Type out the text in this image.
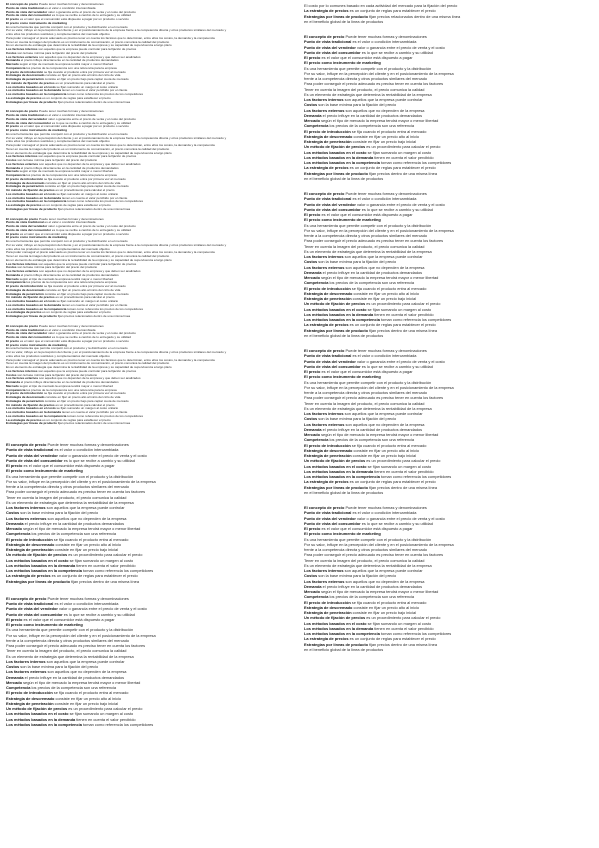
El concepto de precio Puede tener muchas formas y denominaciones
Punto de vista tradicional es el valor o condición intercambiada
Punto de vista del vendedor valor o ganancia entre el precio de venta y el costo del producto
Punto de vista del consumidor es lo que se recibe a cambio de lo entregado y su utilidad
El precio es el valor que el consumidor está dispuesto a pagar por un producto o servicio
El precio como instrumento de marketing
Es una herramienta que permite competir con el producto y la distribución en el mercado
Por su valor, influye en la percepción del cliente y en el posicionamiento de la empresa frente a la competencia directa y otros productos similares del mercado y
entre ellos los productos sustitutos y complementarios del mercado objetivo
Para poder conseguir el precio adecuado es preciso tener en cuenta los factores que lo determinan, entre ellos los costos, la demanda y la competencia
Tener en cuenta la imagen del producto es un instrumento de comunicación, el precio comunica la calidad del producto
Es un elemento de estrategia que determina la rentabilidad de la empresa y su capacidad de supervivencia a largo plazo
Los factores internos son aquellos que la empresa puede controlar para la fijación de precios
Costos son la base mínima para la fijación del precio del producto
Los factores externos son aquellos que no dependen de la empresa y que deben ser analizados
Demanda el precio influye directamente en la cantidad de productos demandados
Mercado según el tipo de mercado la empresa tendrá mayor o menor libertad
Competencia los precios de la competencia son una referencia para la empresa
El precio de introducción se fija cuando el producto entra por primera vez al mercado
Estrategia de descremado consiste en fijar un precio alto al inicio del ciclo de vida
Estrategia de penetración consiste en fijar un precio bajo para captar cuota de mercado
Un método de fijación de precios es un procedimiento para calcular el precio
Los métodos basados en el costo se fijan sumando un margen al costo unitario
Los métodos basados en la demanda tienen en cuenta el valor percibido por el cliente
Los métodos basados en la competencia toman como referencia los precios de los competidores
La estrategia de precios es un conjunto de reglas para establecer el precio
Estrategias por líneas de producto fijan precios relacionados dentro de una misma línea
El concepto de precio Puede tener muchas formas y denominaciones
Punto de vista tradicional es el valor o condición intercambiada
Punto de vista del vendedor valor o ganancia entre el precio de venta y el costo del producto
Punto de vista del consumidor es lo que se recibe a cambio de lo entregado y su utilidad
El precio es el valor que el consumidor está dispuesto a pagar por un producto o servicio
El precio como instrumento de marketing
Es una herramienta que permite competir con el producto y la distribución en el mercado
Por su valor, influye en la percepción del cliente y en el posicionamiento de la empresa frente a la competencia directa y otros productos similares del mercado y
entre ellos los productos sustitutos y complementarios del mercado objetivo
Para poder conseguir el precio adecuado es preciso tener en cuenta los factores que lo determinan, entre ellos los costos, la demanda y la competencia
Tener en cuenta la imagen del producto es un instrumento de comunicación, el precio comunica la calidad del producto
Es un elemento de estrategia que determina la rentabilidad de la empresa y su capacidad de supervivencia a largo plazo
Los factores internos son aquellos que la empresa puede controlar para la fijación de precios
Costos son la base mínima para la fijación del precio del producto
Los factores externos son aquellos que no dependen de la empresa y que deben ser analizados
Demanda el precio influye directamente en la cantidad de productos demandados
Mercado según el tipo de mercado la empresa tendrá mayor o menor libertad
Competencia los precios de la competencia son una referencia para la empresa
El precio de introducción se fija cuando el producto entra por primera vez al mercado
Estrategia de descremado consiste en fijar un precio alto al inicio del ciclo de vida
Estrategia de penetración consiste en fijar un precio bajo para captar cuota de mercado
Un método de fijación de precios es un procedimiento para calcular el precio
Los métodos basados en el costo se fijan sumando un margen al costo unitario
Los métodos basados en la demanda tienen en cuenta el valor percibido por el cliente
Los métodos basados en la competencia toman como referencia los precios de los competidores
La estrategia de precios es un conjunto de reglas para establecer el precio
Estrategias por líneas de producto fijan precios relacionados dentro de una misma línea
El concepto de precio Puede tener muchas formas y denominaciones
Punto de vista tradicional es el valor o condición intercambiada
Punto de vista del vendedor valor o ganancia entre el precio de venta y el costo del producto
Punto de vista del consumidor es lo que se recibe a cambio de lo entregado y su utilidad
El precio es el valor que el consumidor está dispuesto a pagar por un producto o servicio
El precio como instrumento de marketing
Es una herramienta que permite competir con el producto y la distribución en el mercado
Por su valor, influye en la percepción del cliente y en el posicionamiento de la empresa frente a la competencia directa y otros productos similares del mercado y
entre ellos los productos sustitutos y complementarios del mercado objetivo
Para poder conseguir el precio adecuado es preciso tener en cuenta los factores que lo determinan, entre ellos los costos, la demanda y la competencia
Tener en cuenta la imagen del producto es un instrumento de comunicación, el precio comunica la calidad del producto
Es un elemento de estrategia que determina la rentabilidad de la empresa y su capacidad de supervivencia a largo plazo
Los factores internos son aquellos que la empresa puede controlar para la fijación de precios
Costos son la base mínima para la fijación del precio del producto
Los factores externos son aquellos que no dependen de la empresa y que deben ser analizados
Demanda el precio influye directamente en la cantidad de productos demandados
Mercado según el tipo de mercado la empresa tendrá mayor o menor libertad
Competencia los precios de la competencia son una referencia para la empresa
El precio de introducción se fija cuando el producto entra por primera vez al mercado
Estrategia de descremado consiste en fijar un precio alto al inicio del ciclo de vida
Estrategia de penetración consiste en fijar un precio bajo para captar cuota de mercado
Un método de fijación de precios es un procedimiento para calcular el precio
Los métodos basados en el costo se fijan sumando un margen al costo unitario
Los métodos basados en la demanda tienen en cuenta el valor percibido por el cliente
Los métodos basados en la competencia toman como referencia los precios de los competidores
La estrategia de precios es un conjunto de reglas para establecer el precio
Estrategias por líneas de producto fijan precios relacionados dentro de una misma línea
El concepto de precio Puede tener muchas formas y denominaciones
Punto de vista tradicional es el valor o condición intercambiada
Punto de vista del vendedor valor o ganancia entre el precio de venta y el costo del producto
Punto de vista del consumidor es lo que se recibe a cambio de lo entregado y su utilidad
El precio es el valor que el consumidor está dispuesto a pagar por un producto o servicio
El precio como instrumento de marketing
Es una herramienta que permite competir con el producto y la distribución en el mercado
Por su valor, influye en la percepción del cliente y en el posicionamiento de la empresa frente a la competencia directa y otros productos similares del mercado y
entre ellos los productos sustitutos y complementarios del mercado objetivo
Para poder conseguir el precio adecuado es preciso tener en cuenta los factores que lo determinan, entre ellos los costos, la demanda y la competencia
Tener en cuenta la imagen del producto es un instrumento de comunicación, el precio comunica la calidad del producto
Es un elemento de estrategia que determina la rentabilidad de la empresa y su capacidad de supervivencia a largo plazo
Los factores internos son aquellos que la empresa puede controlar para la fijación de precios
Costos son la base mínima para la fijación del precio del producto
Los factores externos son aquellos que no dependen de la empresa y que deben ser analizados
Demanda el precio influye directamente en la cantidad de productos demandados
Mercado según el tipo de mercado la empresa tendrá mayor o menor libertad
Competencia los precios de la competencia son una referencia para la empresa
El precio de introducción se fija cuando el producto entra por primera vez al mercado
Estrategia de descremado consiste en fijar un precio alto al inicio del ciclo de vida
Estrategia de penetración consiste en fijar un precio bajo para captar cuota de mercado
Un método de fijación de precios es un procedimiento para calcular el precio
Los métodos basados en el costo se fijan sumando un margen al costo unitario
Los métodos basados en la demanda tienen en cuenta el valor percibido por el cliente
Los métodos basados en la competencia toman como referencia los precios de los competidores
La estrategia de precios es un conjunto de reglas para establecer el precio
Estrategias por líneas de producto fijan precios relacionados dentro de una misma línea
El concepto de precio Puede tener muchas formas y denominaciones
Punto de vista tradicional es el valor o condición intercambiada
Punto de vista del vendedor valor o ganancia entre el precio de venta y el costo
Punto de vista del consumidor es lo que se recibe a cambio y su utilidad
El precio es el valor que el consumidor está dispuesto a pagar
El precio como instrumento de marketing
Es una herramienta que permite competir con el producto y la distribución
Por su valor, influye en la percepción del cliente y en el posicionamiento de la empresa
frente a la competencia directa y otros productos similares del mercado
Para poder conseguir el precio adecuado es preciso tener en cuenta los factores
Tener en cuenta la imagen del producto, el precio comunica la calidad
Es un elemento de estrategia que determina la rentabilidad de la empresa
Los factores internos son aquellos que la empresa puede controlar
Costos son la base mínima para la fijación del precio
Los factores externos son aquellos que no dependen de la empresa
Demanda el precio influye en la cantidad de productos demandados
Mercado según el tipo de mercado la empresa tendrá mayor o menor libertad
Competencia los precios de la competencia son una referencia
El precio de introducción se fija cuando el producto entra al mercado
Estrategia de descremado consiste en fijar un precio alto al inicio
Estrategia de penetración consiste en fijar un precio bajo inicial
Un método de fijación de precios es un procedimiento para calcular el precio
Los métodos basados en el costo se fijan sumando un margen al costo
Los métodos basados en la demanda tienen en cuenta el valor percibido
Los métodos basados en la competencia toman como referencia los competidores
La estrategia de precios es un conjunto de reglas para establecer el precio
Estrategias por líneas de producto fijan precios dentro de una misma línea
El concepto de precio Puede tener muchas formas y denominaciones
Punto de vista tradicional es el valor o condición intercambiada
Punto de vista del vendedor valor o ganancia entre el precio de venta y el costo
Punto de vista del consumidor es lo que se recibe a cambio y su utilidad
El precio es el valor que el consumidor está dispuesto a pagar
El precio como instrumento de marketing
Es una herramienta que permite competir con el producto y la distribución
Por su valor, influye en la percepción del cliente y en el posicionamiento de la empresa
frente a la competencia directa y otros productos similares del mercado
Para poder conseguir el precio adecuado es preciso tener en cuenta los factores
Tener en cuenta la imagen del producto, el precio comunica la calidad
Es un elemento de estrategia que determina la rentabilidad de la empresa
Los factores internos son aquellos que la empresa puede controlar
Costos son la base mínima para la fijación del precio
Los factores externos son aquellos que no dependen de la empresa
Demanda el precio influye en la cantidad de productos demandados
Mercado según el tipo de mercado la empresa tendrá mayor o menor libertad
Competencia los precios de la competencia son una referencia
El precio de introducción se fija cuando el producto entra al mercado
Estrategia de descremado consiste en fijar un precio alto al inicio
Estrategia de penetración consiste en fijar un precio bajo inicial
Un método de fijación de precios es un procedimiento para calcular el precio
Los métodos basados en el costo se fijan sumando un margen al costo
Los métodos basados en la demanda tienen en cuenta el valor percibido
Los métodos basados en la competencia toman como referencia los competidores
El costo por lo comunes basado en cada actividad del mercado para la fijación del precio
La estrategia de precios es un conjunto de reglas para establecer el precio
Estrategias por líneas de producto fijan precios relacionados dentro de una misma línea
en el beneficio global de la línea de productos
El concepto de precio Puede tener muchas formas y denominaciones
Punto de vista tradicional es el valor o condición intercambiada
Punto de vista del vendedor valor o ganancia entre el precio de venta y el costo
Punto de vista del consumidor es lo que se recibe a cambio y su utilidad
El precio es el valor que el consumidor está dispuesto a pagar
El precio como instrumento de marketing
Es una herramienta que permite competir con el producto y la distribución
Por su valor, influye en la percepción del cliente y en el posicionamiento de la empresa
frente a la competencia directa y otros productos similares del mercado
Para poder conseguir el precio adecuado es preciso tener en cuenta los factores
Tener en cuenta la imagen del producto, el precio comunica la calidad
Es un elemento de estrategia que determina la rentabilidad de la empresa
Los factores internos son aquellos que la empresa puede controlar
Costos son la base mínima para la fijación del precio
Los factores externos son aquellos que no dependen de la empresa
Demanda el precio influye en la cantidad de productos demandados
Mercado según el tipo de mercado la empresa tendrá mayor o menor libertad
Competencia los precios de la competencia son una referencia
El precio de introducción se fija cuando el producto entra al mercado
Estrategia de descremado consiste en fijar un precio alto al inicio
Estrategia de penetración consiste en fijar un precio bajo inicial
Un método de fijación de precios es un procedimiento para calcular el precio
Los métodos basados en el costo se fijan sumando un margen al costo
Los métodos basados en la demanda tienen en cuenta el valor percibido
Los métodos basados en la competencia toman como referencia los competidores
La estrategia de precios es un conjunto de reglas para establecer el precio
Estrategias por líneas de producto fijan precios dentro de una misma línea
en el beneficio global de la línea de productos
El concepto de precio Puede tener muchas formas y denominaciones
Punto de vista tradicional es el valor o condición intercambiada
Punto de vista del vendedor valor o ganancia entre el precio de venta y el costo
Punto de vista del consumidor es lo que se recibe a cambio y su utilidad
El precio es el valor que el consumidor está dispuesto a pagar
El precio como instrumento de marketing
Es una herramienta que permite competir con el producto y la distribución
Por su valor, influye en la percepción del cliente y en el posicionamiento de la empresa
frente a la competencia directa y otros productos similares del mercado
Para poder conseguir el precio adecuado es preciso tener en cuenta los factores
Tener en cuenta la imagen del producto, el precio comunica la calidad
Es un elemento de estrategia que determina la rentabilidad de la empresa
Los factores internos son aquellos que la empresa puede controlar
Costos son la base mínima para la fijación del precio
Los factores externos son aquellos que no dependen de la empresa
Demanda el precio influye en la cantidad de productos demandados
Mercado según el tipo de mercado la empresa tendrá mayor o menor libertad
Competencia los precios de la competencia son una referencia
El precio de introducción se fija cuando el producto entra al mercado
Estrategia de descremado consiste en fijar un precio alto al inicio
Estrategia de penetración consiste en fijar un precio bajo inicial
Un método de fijación de precios es un procedimiento para calcular el precio
Los métodos basados en el costo se fijan sumando un margen al costo
Los métodos basados en la demanda tienen en cuenta el valor percibido
Los métodos basados en la competencia toman como referencia los competidores
La estrategia de precios es un conjunto de reglas para establecer el precio
Estrategias por líneas de producto fijan precios dentro de una misma línea
en el beneficio global de la línea de productos
El concepto de precio Puede tener muchas formas y denominaciones
Punto de vista tradicional es el valor o condición intercambiada
Punto de vista del vendedor valor o ganancia entre el precio de venta y el costo
Punto de vista del consumidor es lo que se recibe a cambio y su utilidad
El precio es el valor que el consumidor está dispuesto a pagar
El precio como instrumento de marketing
Es una herramienta que permite competir con el producto y la distribución
Por su valor, influye en la percepción del cliente y en el posicionamiento de la empresa
frente a la competencia directa y otros productos similares del mercado
Para poder conseguir el precio adecuado es preciso tener en cuenta los factores
Tener en cuenta la imagen del producto, el precio comunica la calidad
Es un elemento de estrategia que determina la rentabilidad de la empresa
Los factores internos son aquellos que la empresa puede controlar
Costos son la base mínima para la fijación del precio
Los factores externos son aquellos que no dependen de la empresa
Demanda el precio influye en la cantidad de productos demandados
Mercado según el tipo de mercado la empresa tendrá mayor o menor libertad
Competencia los precios de la competencia son una referencia
El precio de introducción se fija cuando el producto entra al mercado
Estrategia de descremado consiste en fijar un precio alto al inicio
Estrategia de penetración consiste en fijar un precio bajo inicial
Un método de fijación de precios es un procedimiento para calcular el precio
Los métodos basados en el costo se fijan sumando un margen al costo
Los métodos basados en la demanda tienen en cuenta el valor percibido
Los métodos basados en la competencia toman como referencia los competidores
La estrategia de precios es un conjunto de reglas para establecer el precio
Estrategias por líneas de producto fijan precios dentro de una misma línea
en el beneficio global de la línea de productos
El concepto de precio Puede tener muchas formas y denominaciones
Punto de vista tradicional es el valor o condición intercambiada
Punto de vista del vendedor valor o ganancia entre el precio de venta y el costo
Punto de vista del consumidor es lo que se recibe a cambio y su utilidad
El precio es el valor que el consumidor está dispuesto a pagar
El precio como instrumento de marketing
Es una herramienta que permite competir con el producto y la distribución
Por su valor, influye en la percepción del cliente y en el posicionamiento de la empresa
frente a la competencia directa y otros productos similares del mercado
Para poder conseguir el precio adecuado es preciso tener en cuenta los factores
Tener en cuenta la imagen del producto, el precio comunica la calidad
Es un elemento de estrategia que determina la rentabilidad de la empresa
Los factores internos son aquellos que la empresa puede controlar
Costos son la base mínima para la fijación del precio
Los factores externos son aquellos que no dependen de la empresa
Demanda el precio influye en la cantidad de productos demandados
Mercado según el tipo de mercado la empresa tendrá mayor o menor libertad
Competencia los precios de la competencia son una referencia
El precio de introducción se fija cuando el producto entra al mercado
Estrategia de descremado consiste en fijar un precio alto al inicio
Estrategia de penetración consiste en fijar un precio bajo inicial
Un método de fijación de precios es un procedimiento para calcular el precio
Los métodos basados en el costo se fijan sumando un margen al costo
Los métodos basados en la demanda tienen en cuenta el valor percibido
Los métodos basados en la competencia toman como referencia los competidores
La estrategia de precios es un conjunto de reglas para establecer el precio
Estrategias por líneas de producto fijan precios dentro de una misma línea
en el beneficio global de la línea de productos
